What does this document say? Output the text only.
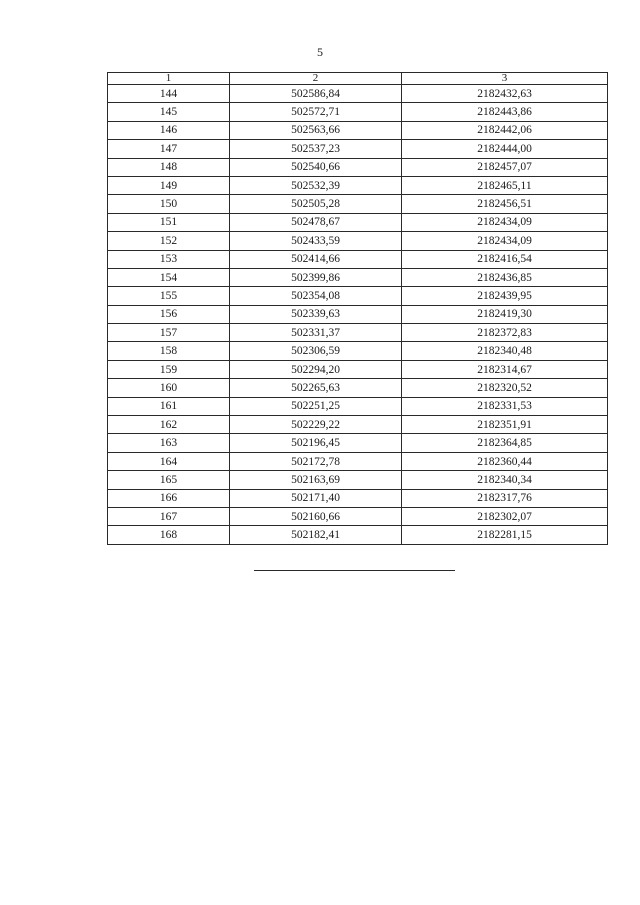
5
1	2	3
144	502586,84	2182432,63
145	502572,71	2182443,86
146	502563,66	2182442,06
147	502537,23	2182444,00
148	502540,66	2182457,07
149	502532,39	2182465,11
150	502505,28	2182456,51
151	502478,67	2182434,09
152	502433,59	2182434,09
153	502414,66	2182416,54
154	502399,86	2182436,85
155	502354,08	2182439,95
156	502339,63	2182419,30
157	502331,37	2182372,83
158	502306,59	2182340,48
159	502294,20	2182314,67
160	502265,63	2182320,52
161	502251,25	2182331,53
162	502229,22	2182351,91
163	502196,45	2182364,85
164	502172,78	2182360,44
165	502163,69	2182340,34
166	502171,40	2182317,76
167	502160,66	2182302,07
168	502182,41	2182281,15
